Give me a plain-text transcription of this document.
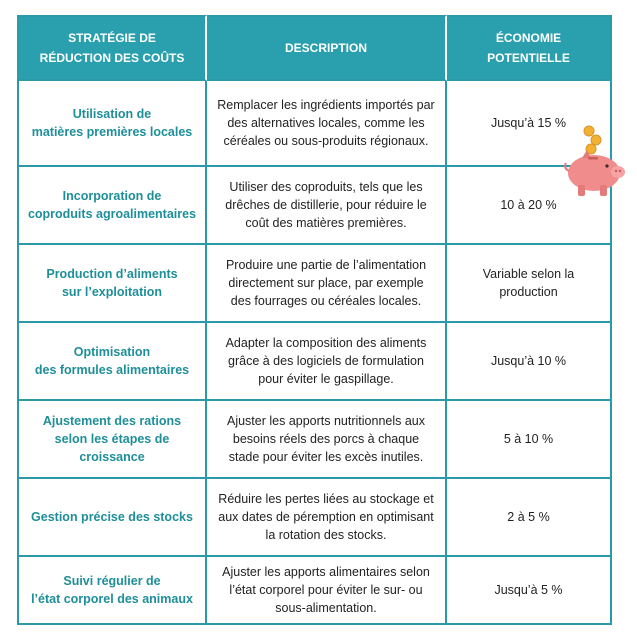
STRATÉGIE DE
RÉDUCTION DES COÛTS
DESCRIPTION
ÉCONOMIE
POTENTIELLE
Utilisation de
matières premières locales
Remplacer les ingrédients importés par des alternatives locales, comme les céréales ou sous-produits régionaux.
Jusqu’à 15 %
Incorporation de
coproduits agroalimentaires
Utiliser des coproduits, tels que les drêches de distillerie, pour réduire le coût des matières premières.
10 à 20 %
Production d’aliments
sur l’exploitation
Produire une partie de l’alimentation directement sur place, par exemple des fourrages ou céréales locales.
Variable selon la
production
Optimisation
des formules alimentaires
Adapter la composition des aliments grâce à des logiciels de formulation pour éviter le gaspillage.
Jusqu’à 10 %
Ajustement des rations
selon les étapes de
croissance
Ajuster les apports nutritionnels aux besoins réels des porcs à chaque stade pour éviter les excès inutiles.
5 à 10 %
Gestion précise des stocks
Réduire les pertes liées au stockage et aux dates de péremption en optimisant la rotation des stocks.
2 à 5 %
Suivi régulier de
l’état corporel des animaux
Ajuster les apports alimentaires selon l’état corporel pour éviter le sur- ou sous-alimentation.
Jusqu’à 5 %
